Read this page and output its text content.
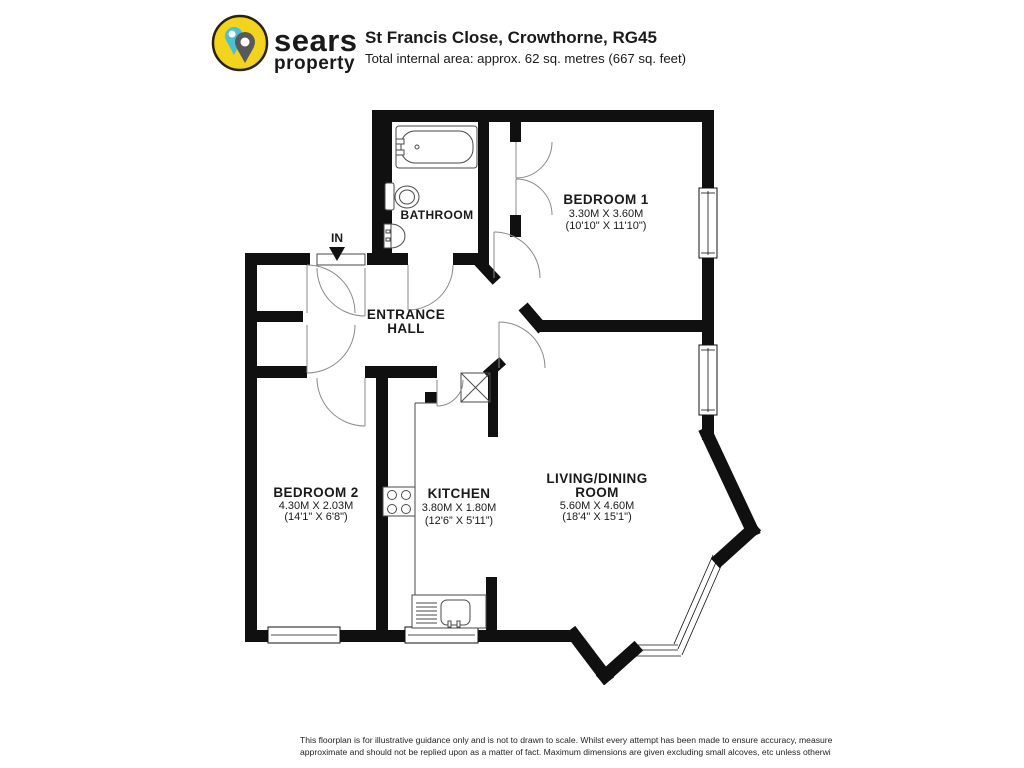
sears
property
St Francis Close, Crowthorne, RG45
Total internal area: approx. 62 sq. metres (667 sq. feet)
IN
BATHROOM
BEDROOM 1
3.30M X 3.60M
(10'10" X 11'10")
ENTRANCE
HALL
BEDROOM 2
4.30M X 2.03M
(14'1" X 6'8")
KITCHEN
3.80M X 1.80M
(12'6” X 5'11”)
LIVING/DINING
ROOM
5.60M X 4.60M
(18'4" X 15'1")
This floorplan is for illustrative guidance only and is not to drawn to scale. Whilst every attempt has been made to ensure accuracy, measure
approximate and should not be replied upon as a matter of fact. Maximum dimensions are given excluding small alcoves, etc unless otherwi
